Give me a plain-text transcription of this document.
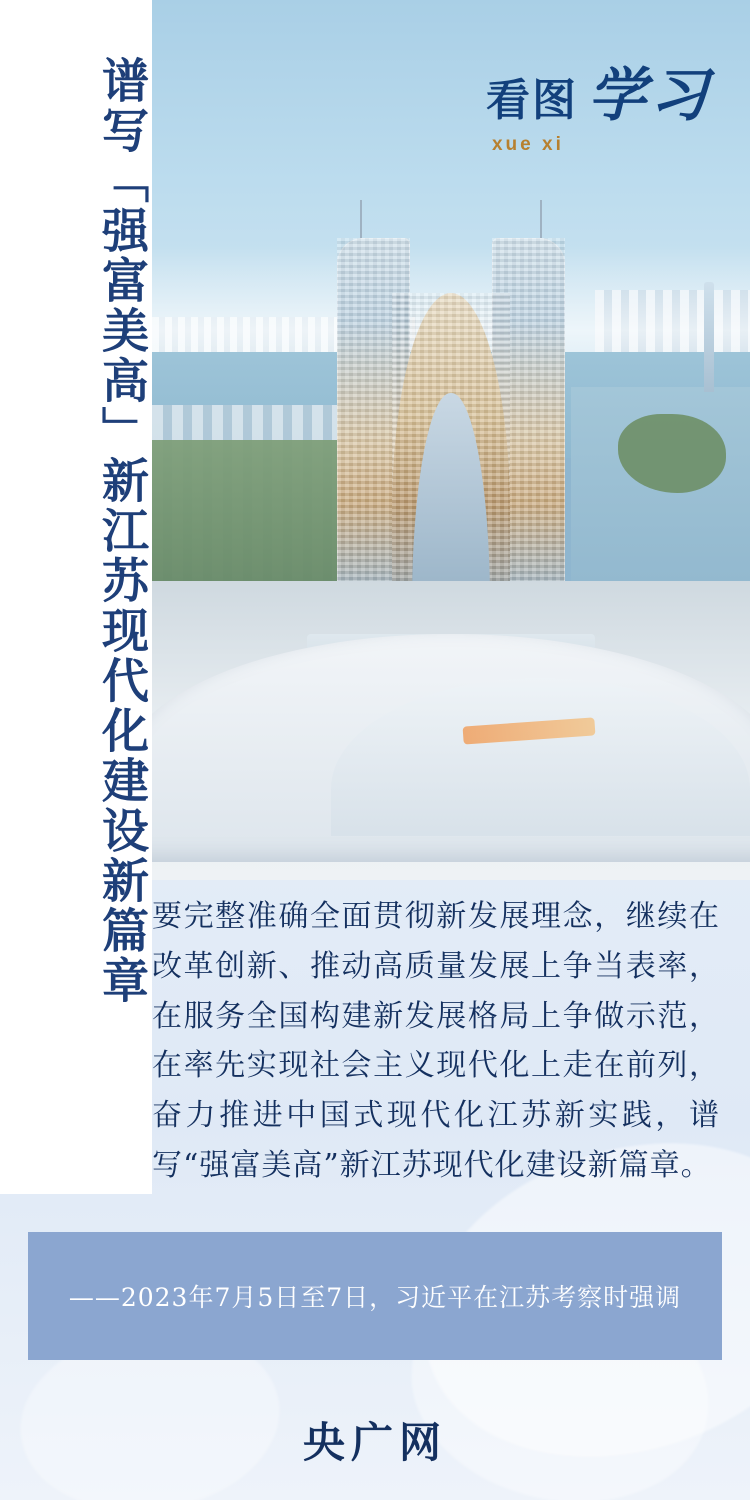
谱写「强富美高」新江苏现代化建设新篇章	看图 学习
xue xi
要完整准确全面贯彻新发展理念，继续在改革创新、推动高质量发展上争当表率，在服务全国构建新发展格局上争做示范，在率先实现社会主义现代化上走在前列，奋力推进中国式现代化江苏新实践，谱写“强富美高”新江苏现代化建设新篇章。
——2023年7月5日至7日，习近平在江苏考察时强调
央广网
